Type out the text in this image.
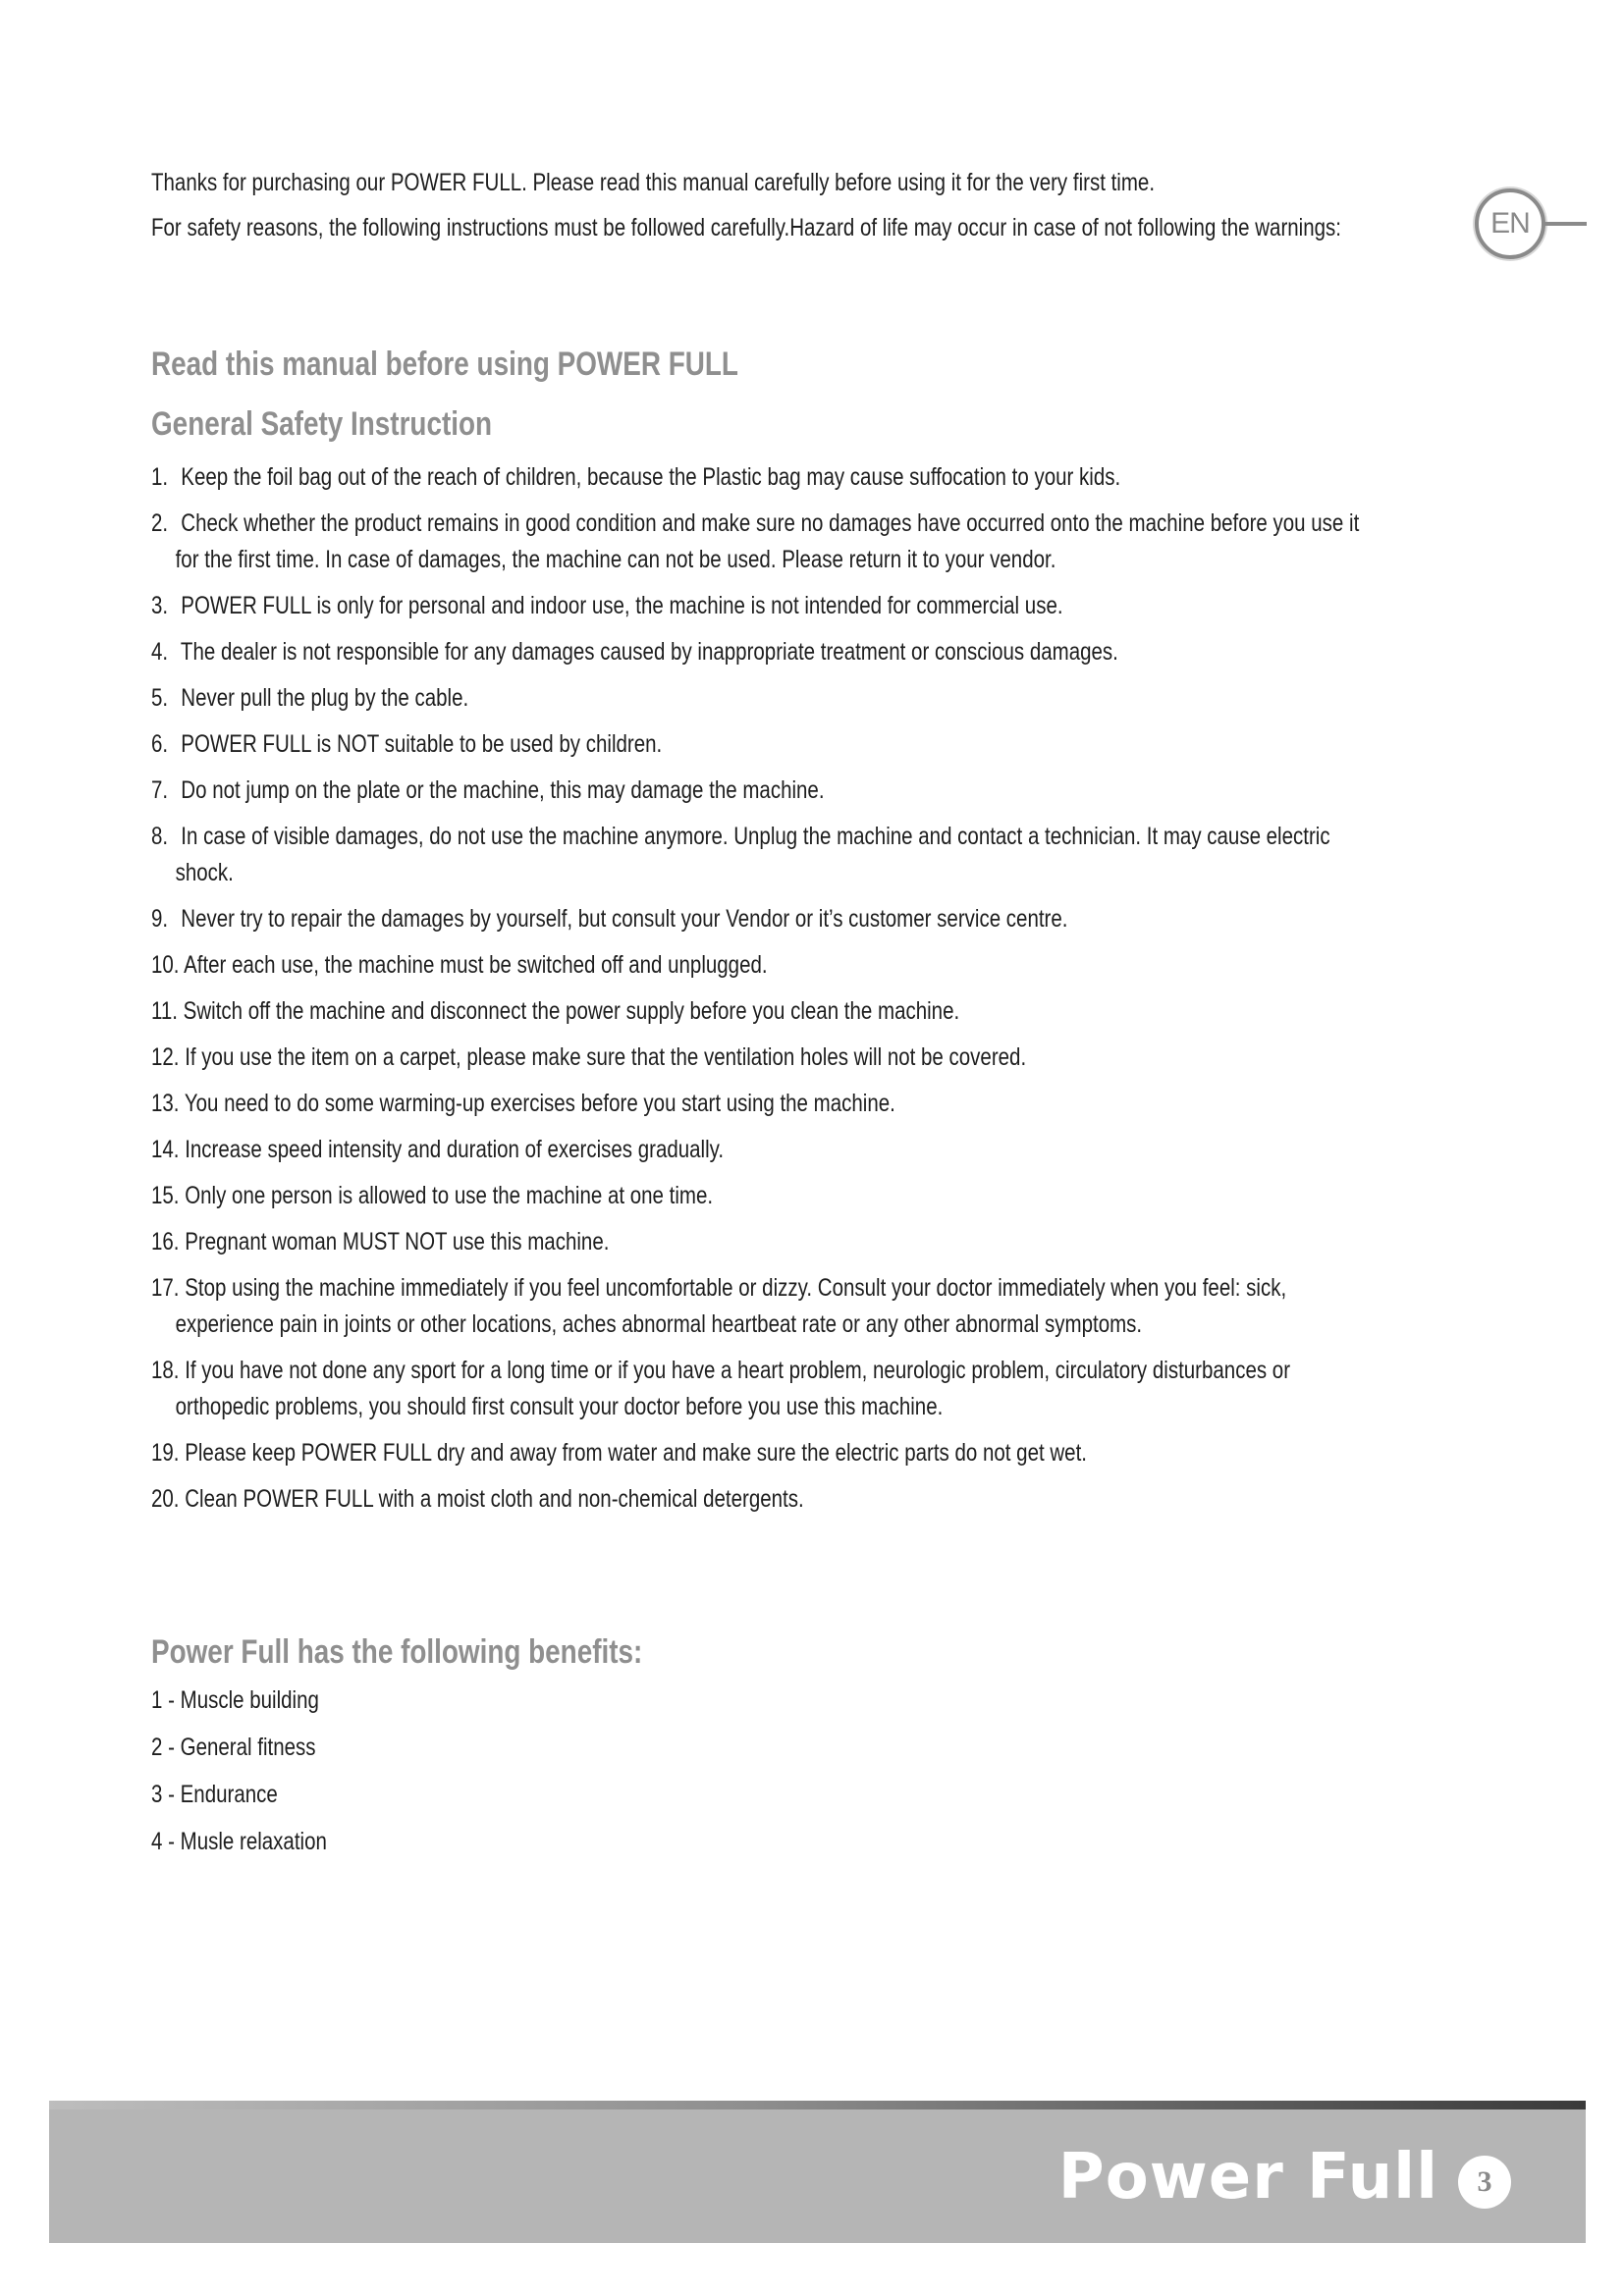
Thanks for purchasing our POWER FULL. Please read this manual carefully before using it for the very first time.

For safety reasons, the following instructions must be followed carefully.Hazard of life may occur in case of not following the warnings:	EN
Read this manual before using POWER FULL
General Safety Instruction
1. Keep the foil bag out of the reach of children, because the Plastic bag may cause suffocation to your kids.
2. Check whether the product remains in good condition and make sure no damages have occurred onto the machine before you use it for the first time. In case of damages, the machine can not be used. Please return it to your vendor.
3. POWER FULL is only for personal and indoor use, the machine is not intended for commercial use.
4. The dealer is not responsible for any damages caused by inappropriate treatment or conscious damages.
5. Never pull the plug by the cable.
6. POWER FULL is NOT suitable to be used by children.
7. Do not jump on the plate or the machine, this may damage the machine.
8. In case of visible damages, do not use the machine anymore. Unplug the machine and contact a technician. It may cause electric shock.
9. Never try to repair the damages by yourself, but consult your Vendor or it’s customer service centre.
10. After each use, the machine must be switched off and unplugged.
11. Switch off the machine and disconnect the power supply before you clean the machine.
12. If you use the item on a carpet, please make sure that the ventilation holes will not be covered.
13. You need to do some warming-up exercises before you start using the machine.
14. Increase speed intensity and duration of exercises gradually.
15. Only one person is allowed to use the machine at one time.
16. Pregnant woman MUST NOT use this machine.
17. Stop using the machine immediately if you feel uncomfortable or dizzy. Consult your doctor immediately when you feel: sick, experience pain in joints or other locations, aches abnormal heartbeat rate or any other abnormal symptoms.
18. If you have not done any sport for a long time or if you have a heart problem, neurologic problem, circulatory disturbances or orthopedic problems, you should first consult your doctor before you use this machine.
19. Please keep POWER FULL dry and away from water and make sure the electric parts do not get wet.
20. Clean POWER FULL with a moist cloth and non-chemical detergents.
Power Full has the following benefits:
1 - Muscle building
2 - General fitness
3 - Endurance
4 - Musle relaxation
Power Full	3
